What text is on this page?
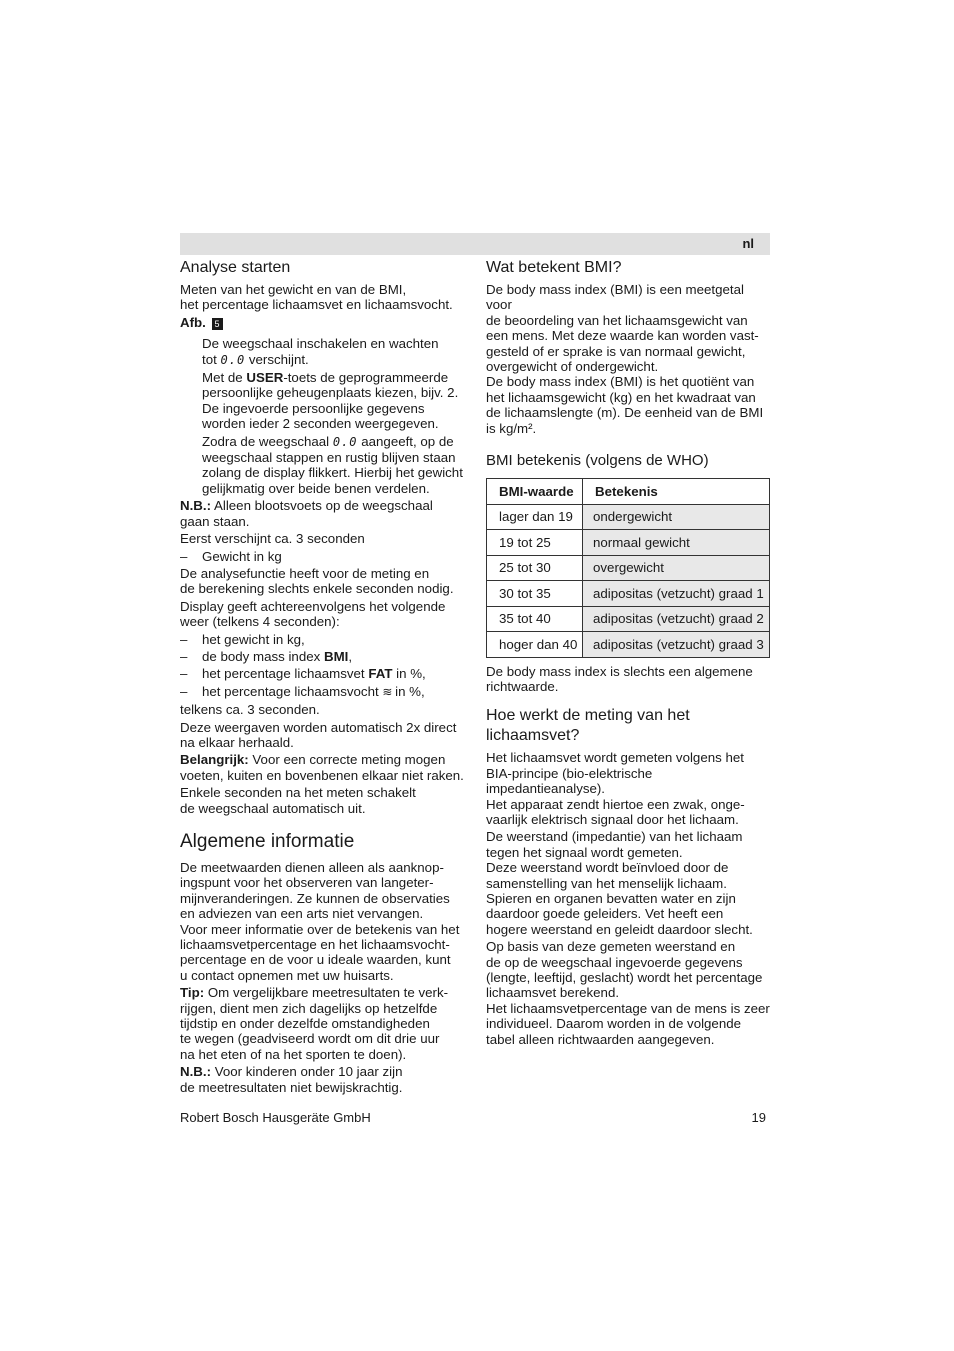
nl
Analyse starten

Meten van het gewicht en van de BMI,
het percentage lichaamsvet en lichaamsvocht.

Afb. 5

De weegschaal inschakelen en wachten
tot 0.0 verschijnt.

Met de USER-toets de geprogrammeerde
persoonlijke geheugenplaats kiezen, bijv. 2.
De ingevoerde persoonlijke gegevens
worden ieder 2 seconden weergegeven.

Zodra de weegschaal 0.0 aangeeft, op de
weegschaal stappen en rustig blijven staan
zolang de display flikkert. Hierbij het gewicht
gelijkmatig over beide benen verdelen.

N.B.: Alleen blootsvoets op de weegschaal
gaan staan.

Eerst verschijnt ca. 3 seconden

– Gewicht in kg

De analysefunctie heeft voor de meting en
de berekening slechts enkele seconden nodig.

Display geeft achtereenvolgens het volgende
weer (telkens 4 seconden):

– het gewicht in kg,
– de body mass index BMI,
– het percentage lichaamsvet FAT in %,
– het percentage lichaamsvocht ≋ in %,

telkens ca. 3 seconden.

Deze weergaven worden automatisch 2x direct
na elkaar herhaald.

Belangrijk: Voor een correcte meting mogen
voeten, kuiten en bovenbenen elkaar niet raken.

Enkele seconden na het meten schakelt
de weegschaal automatisch uit.

Algemene informatie

De meetwaarden dienen alleen als aanknop-
ingspunt voor het observeren van langeter-
mijnveranderingen. Ze kunnen de observaties
en adviezen van een arts niet vervangen.
Voor meer informatie over de betekenis van het
lichaamsvetpercentage en het lichaamsvocht-
percentage en de voor u ideale waarden, kunt
u contact opnemen met uw huisarts.

Tip: Om vergelijkbare meetresultaten te verk-
rijgen, dient men zich dagelijks op hetzelfde
tijdstip en onder dezelfde omstandigheden
te wegen (geadviseerd wordt om dit drie uur
na het eten of na het sporten te doen).

N.B.: Voor kinderen onder 10 jaar zijn
de meetresultaten niet bewijskrachtig.

Wat betekent BMI?

De body mass index (BMI) is een meetgetal voor
de beoordeling van het lichaamsgewicht van
een mens. Met deze waarde kan worden vast-
gesteld of er sprake is van normaal gewicht,
overgewicht of ondergewicht.
De body mass index (BMI) is het quotiënt van
het lichaamsgewicht (kg) en het kwadraat van
de lichaamslengte (m). De eenheid van de BMI
is kg/m².

BMI betekenis (volgens de WHO)
BMI-waarde	Betekenis
lager dan 19	ondergewicht
19 tot 25	normaal gewicht
25 tot 30	overgewicht
30 tot 35	adipositas (vetzucht) graad 1
35 tot 40	adipositas (vetzucht) graad 2
hoger dan 40	adipositas (vetzucht) graad 3

De body mass index is slechts een algemene
richtwaarde.

Hoe werkt de meting van het
lichaamsvet?

Het lichaamsvet wordt gemeten volgens het
BIA-principe (bio-elektrische impedantieanalyse).
Het apparaat zendt hiertoe een zwak, onge-
vaarlijk elektrisch signaal door het lichaam.

De weerstand (impedantie) van het lichaam
tegen het signaal wordt gemeten.
Deze weerstand wordt beïnvloed door de
samenstelling van het menselijk lichaam.
Spieren en organen bevatten water en zijn
daardoor goede geleiders. Vet heeft een
hogere weerstand en geleidt daardoor slecht.

Op basis van deze gemeten weerstand en
de op de weegschaal ingevoerde gegevens
(lengte, leeftijd, geslacht) wordt het percentage
lichaamsvet berekend.
Het lichaamsvetpercentage van de mens is zeer
individueel. Daarom worden in de volgende
tabel alleen richtwaarden aangegeven.

Robert Bosch Hausgeräte GmbH	19
